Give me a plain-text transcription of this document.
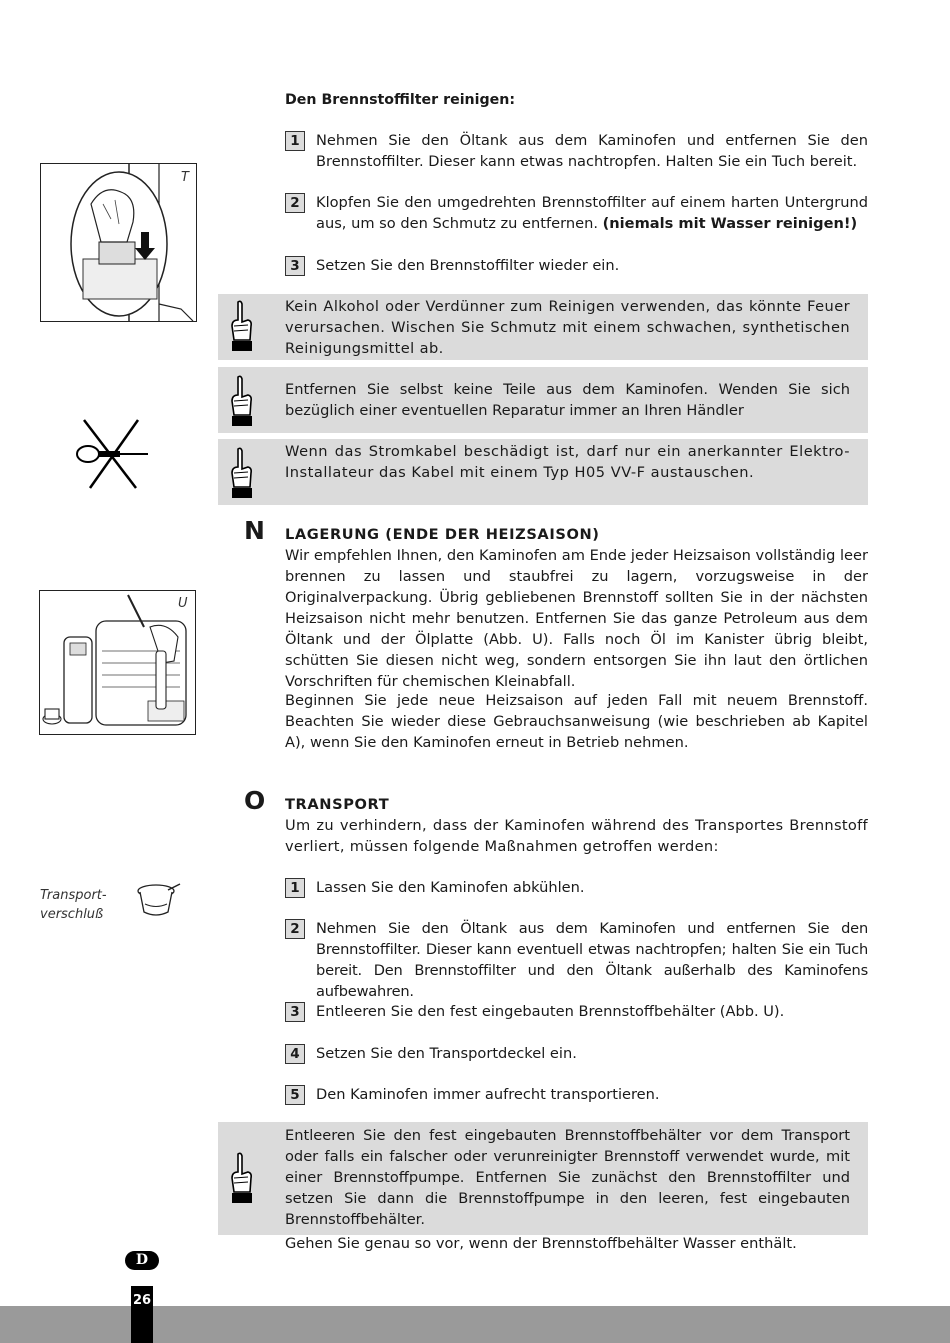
Den Brennstoffilter reinigen:
1	Nehmen Sie den Öltank aus dem Kaminofen und entfernen Sie den Brennstoffilter. Dieser kann etwas nachtropfen. Halten Sie ein Tuch bereit.
2	Klopfen Sie den umgedrehten Brennstoffilter auf einem harten Untergrund aus, um so den Schmutz zu entfernen. (niemals mit Wasser reinigen!)
3	Setzen Sie den Brennstoffilter wieder ein.
T
Kein Alkohol oder Verdünner zum Reinigen verwenden, das könnte Feuer verursachen. Wischen Sie Schmutz mit einem schwachen, synthetischen Reinigungsmittel ab.
Entfernen Sie selbst keine Teile aus dem Kaminofen. Wenden Sie sich bezüglich einer eventuellen Reparatur immer an Ihren Händler
Wenn das Stromkabel beschädigt ist, darf nur ein anerkannter Elektro-Installateur das Kabel mit einem Typ H05 VV-F austauschen.
N LAGERUNG (ENDE DER HEIZSAISON)
Wir empfehlen Ihnen, den Kaminofen am Ende jeder Heizsaison vollständig leer brennen zu lassen und staubfrei zu lagern, vorzugsweise in der Originalverpackung. Übrig gebliebenen Brennstoff sollten Sie in der nächsten Heizsaison nicht mehr benutzen. Entfernen Sie das ganze Petroleum aus dem Öltank und der Ölplatte (Abb. U). Falls noch Öl im Kanister übrig bleibt, schütten Sie diesen nicht weg, sondern entsorgen Sie ihn laut den örtlichen Vorschriften für chemischen Kleinabfall.
Beginnen Sie jede neue Heizsaison auf jeden Fall mit neuem Brennstoff. Beachten Sie wieder diese Gebrauchsanweisung (wie beschrieben ab Kapitel A), wenn Sie den Kaminofen erneut in Betrieb nehmen.
U
O TRANSPORT
Um zu verhindern, dass der Kaminofen während des Transportes Brennstoff verliert, müssen folgende Maßnahmen getroffen werden:
Transport-
verschluß
1	Lassen Sie den Kaminofen abkühlen.
2	Nehmen Sie den Öltank aus dem Kaminofen und entfernen Sie den Brennstoffilter. Dieser kann eventuell etwas nachtropfen; halten Sie ein Tuch bereit. Den Brennstoffilter und den Öltank außerhalb des Kaminofens aufbewahren.
3	Entleeren Sie den fest eingebauten Brennstoffbehälter (Abb. U).
4	Setzen Sie den Transportdeckel ein.
5	Den Kaminofen immer aufrecht transportieren.
Entleeren Sie den fest eingebauten Brennstoffbehälter vor dem Transport oder falls ein falscher oder verunreinigter Brennstoff verwendet wurde, mit einer Brennstoffpumpe. Entfernen Sie zunächst den Brennstoffilter und setzen Sie dann die Brennstoffpumpe in den leeren, fest eingebauten Brennstoffbehälter.
Gehen Sie genau so vor, wenn der Brennstoffbehälter Wasser enthält.
D
26
